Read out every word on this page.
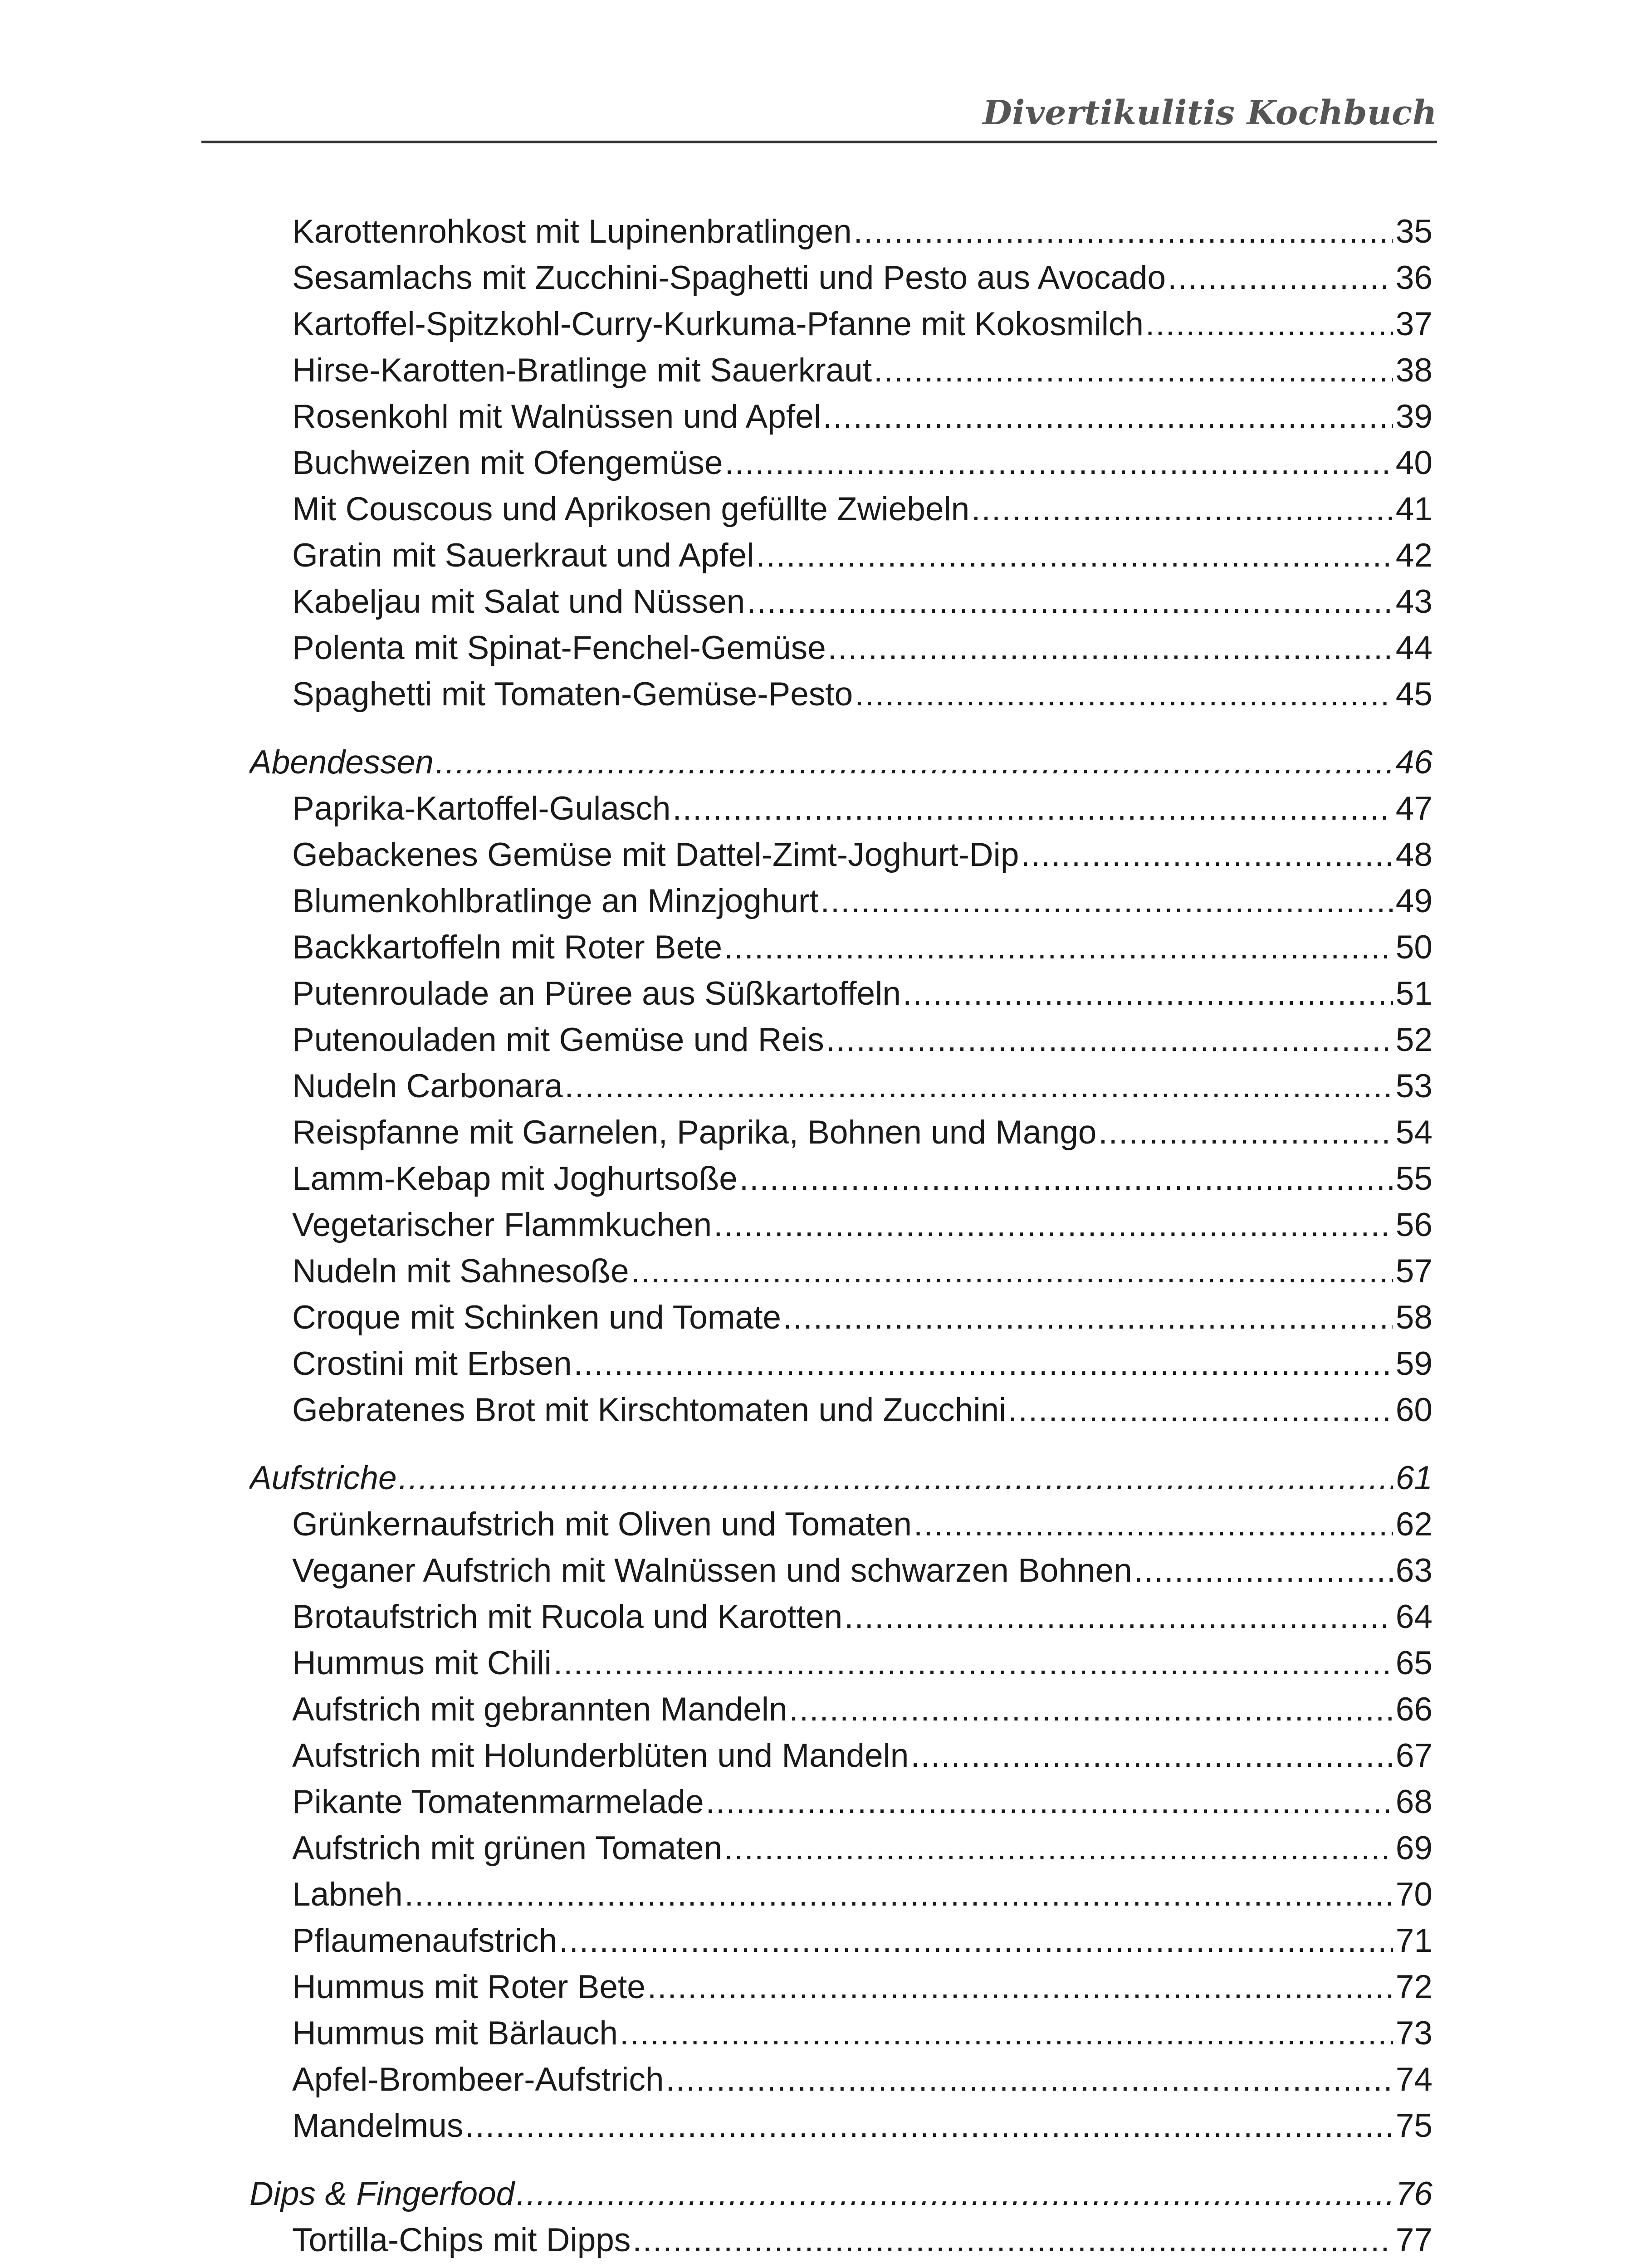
Divertikulitis Kochbuch
Karottenrohkost mit Lupinenbratlingen .....	35
Sesamlachs mit Zucchini-Spaghetti und Pesto aus Avocado .....	36
Kartoffel-Spitzkohl-Curry-Kurkuma-Pfanne mit Kokosmilch .....	37
Hirse-Karotten-Bratlinge mit Sauerkraut .....	38
Rosenkohl mit Walnüssen und Apfel .....	39
Buchweizen mit Ofengemüse .....	40
Mit Couscous und Aprikosen gefüllte Zwiebeln .....	41
Gratin mit Sauerkraut und Apfel .....	42
Kabeljau mit Salat und Nüssen .....	43
Polenta mit Spinat-Fenchel-Gemüse .....	44
Spaghetti mit Tomaten-Gemüse-Pesto .....	45
Abendessen .....	46
Paprika-Kartoffel-Gulasch .....	47
Gebackenes Gemüse mit Dattel-Zimt-Joghurt-Dip .....	48
Blumenkohlbratlinge an Minzjoghurt .....	49
Backkartoffeln mit Roter Bete .....	50
Putenroulade an Püree aus Süßkartoffeln .....	51
Putenouladen mit Gemüse und Reis .....	52
Nudeln Carbonara .....	53
Reispfanne mit Garnelen, Paprika, Bohnen und Mango .....	54
Lamm-Kebap mit Joghurtsoße .....	55
Vegetarischer Flammkuchen .....	56
Nudeln mit Sahnesoße .....	57
Croque mit Schinken und Tomate .....	58
Crostini mit Erbsen .....	59
Gebratenes Brot mit Kirschtomaten und Zucchini .....	60
Aufstriche .....	61
Grünkernaufstrich mit Oliven und Tomaten .....	62
Veganer Aufstrich mit Walnüssen und schwarzen Bohnen .....	63
Brotaufstrich mit Rucola und Karotten .....	64
Hummus mit Chili .....	65
Aufstrich mit gebrannten Mandeln .....	66
Aufstrich mit Holunderblüten und Mandeln .....	67
Pikante Tomatenmarmelade .....	68
Aufstrich mit grünen Tomaten .....	69
Labneh .....	70
Pflaumenaufstrich .....	71
Hummus mit Roter Bete .....	72
Hummus mit Bärlauch .....	73
Apfel-Brombeer-Aufstrich .....	74
Mandelmus .....	75
Dips & Fingerfood .....	76
Tortilla-Chips mit Dipps .....	77
